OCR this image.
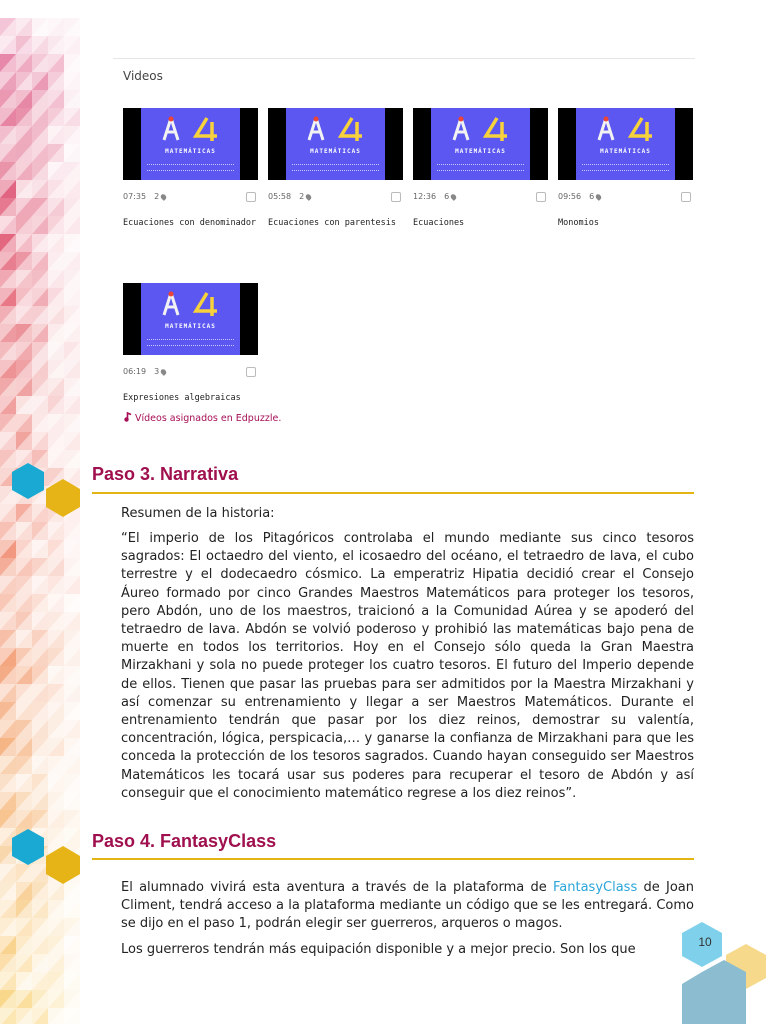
Videos
MATEMÁTICAS
07:35 2
Ecuaciones con denominador
MATEMÁTICAS
05:58 2
Ecuaciones con parentesis
MATEMÁTICAS
12:36 6
Ecuaciones
MATEMÁTICAS
09:56 6
Monomios
MATEMÁTICAS
06:19 3
Expresiones algebraicas
Vídeos asignados en Edpuzzle.
Paso 3. Narrativa

Resumen de la historia:

“El imperio de los Pitagóricos controlaba el mundo mediante sus cinco tesoros sagrados: El octaedro del viento, el icosaedro del océano, el tetraedro de lava, el cubo terrestre y el dodecaedro cósmico. La emperatriz Hipatia decidió crear el Consejo Áureo formado por cinco Grandes Maestros Matemáticos para proteger los tesoros, pero Abdón, uno de los maestros, traicionó a la Comunidad Aúrea y se apoderó del tetraedro de lava. Abdón se volvió poderoso y prohibió las matemáticas bajo pena de muerte en todos los territorios. Hoy en el Consejo sólo queda la Gran Maestra Mirzakhani y sola no puede proteger los cuatro tesoros. El futuro del Imperio depende de ellos. Tienen que pasar las pruebas para ser admitidos por la Maestra Mirzakhani y así comenzar su entrenamiento y llegar a ser Maestros Matemáticos. Durante el entrenamiento tendrán que pasar por los diez reinos, demostrar su valentía, concentración, lógica, perspicacia,… y ganarse la confianza de Mirzakhani para que les conceda la protección de los tesoros sagrados. Cuando hayan conseguido ser Maestros Matemáticos les tocará usar sus poderes para recuperar el tesoro de Abdón y así conseguir que el conocimiento matemático regrese a los diez reinos”.

Paso 4. FantasyClass

El alumnado vivirá esta aventura a través de la plataforma de FantasyClass de Joan Climent, tendrá acceso a la plataforma mediante un código que se les entregará. Como se dijo en el paso 1, podrán elegir ser guerreros, arqueros o magos.

Los guerreros tendrán más equipación disponible y a mejor precio. Son los que	10
